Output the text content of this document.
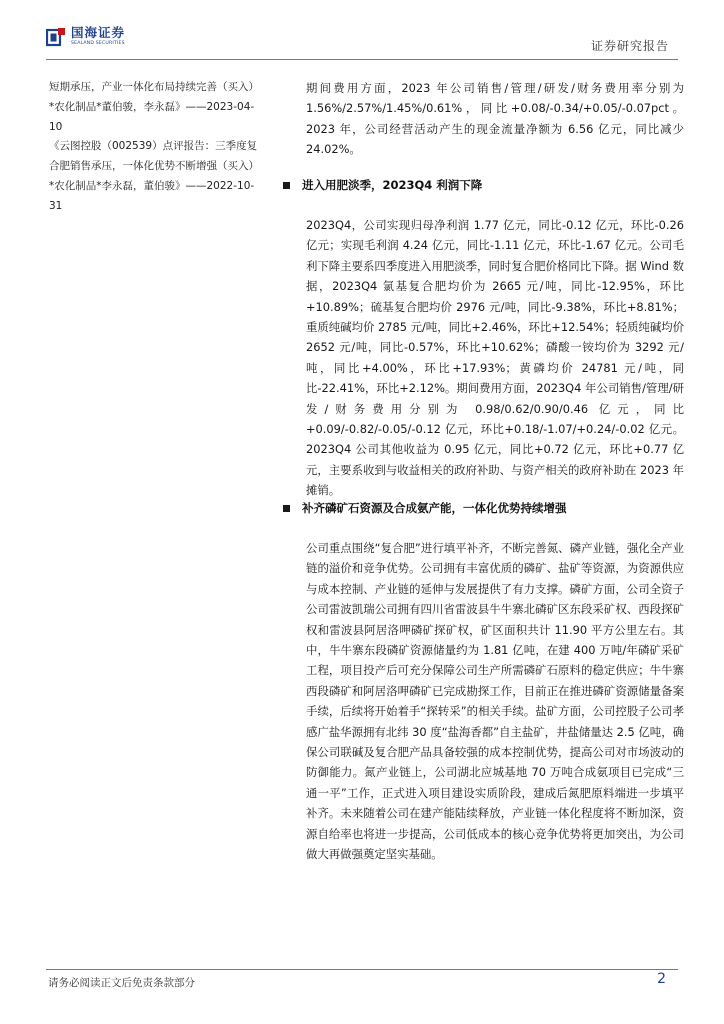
国海证券
SEALAND SECURITIES	证券研究报告

短期承压，产业一体化布局持续完善（买入）*农化制品*董伯骏，李永磊》——2023-04-10

《云图控股（002539）点评报告：三季度复合肥销售承压，一体化优势不断增强（买入）*农化制品*李永磊，董伯骏》——2022-10-31

期间费用方面，2023 年公司销售/管理/研发/财务费用率分别为 1.56%/2.57%/1.45%/0.61%，同比+0.08/-0.34/+0.05/-0.07pct。2023 年，公司经营活动产生的现金流量净额为 6.56 亿元，同比减少 24.02%。

进入用肥淡季，2023Q4 利润下降

2023Q4，公司实现归母净利润 1.77 亿元，同比-0.12 亿元，环比-0.26 亿元；实现毛利润 4.24 亿元，同比-1.11 亿元，环比-1.67 亿元。公司毛利下降主要系四季度进入用肥淡季，同时复合肥价格同比下降。据 Wind 数据，2023Q4 氯基复合肥均价为 2665 元/吨，同比-12.95%，环比+10.89%；硫基复合肥均价 2976 元/吨，同比-9.38%，环比+8.81%；重质纯碱均价 2785 元/吨，同比+2.46%，环比+12.54%；轻质纯碱均价 2652 元/吨，同比-0.57%，环比+10.62%；磷酸一铵均价为 3292 元/吨，同比+4.00%，环比+17.93%；黄磷均价 24781 元/吨，同比-22.41%，环比+2.12%。期间费用方面，2023Q4 年公司销售/管理/研发/财务费用分别为 0.98/0.62/0.90/0.46 亿元，同比+0.09/-0.82/-0.05/-0.12 亿元，环比+0.18/-1.07/+0.24/-0.02 亿元。2023Q4 公司其他收益为 0.95 亿元，同比+0.72 亿元，环比+0.77 亿元，主要系收到与收益相关的政府补助、与资产相关的政府补助在 2023 年摊销。

补齐磷矿石资源及合成氨产能，一体化优势持续增强

公司重点围绕“复合肥”进行填平补齐，不断完善氮、磷产业链，强化全产业链的溢价和竞争优势。公司拥有丰富优质的磷矿、盐矿等资源，为资源供应与成本控制、产业链的延伸与发展提供了有力支撑。磷矿方面，公司全资子公司雷波凯瑞公司拥有四川省雷波县牛牛寨北磷矿区东段采矿权、西段探矿权和雷波县阿居洛呷磷矿探矿权，矿区面积共计 11.90 平方公里左右。其中，牛牛寨东段磷矿资源储量约为 1.81 亿吨，在建 400 万吨/年磷矿采矿工程，项目投产后可充分保障公司生产所需磷矿石原料的稳定供应；牛牛寨西段磷矿和阿居洛呷磷矿已完成勘探工作，目前正在推进磷矿资源储量备案手续，后续将开始着手“探转采”的相关手续。盐矿方面，公司控股子公司孝感广盐华源拥有北纬 30 度“盐海香都”自主盐矿，井盐储量达 2.5 亿吨，确保公司联碱及复合肥产品具备较强的成本控制优势，提高公司对市场波动的防御能力。氮产业链上，公司湖北应城基地 70 万吨合成氨项目已完成“三通一平”工作，正式进入项目建设实质阶段，建成后氮肥原料端进一步填平补齐。未来随着公司在建产能陆续释放，产业链一体化程度将不断加深，资源自给率也将进一步提高，公司低成本的核心竞争优势将更加突出，为公司做大再做强奠定坚实基础。

请务必阅读正文后免责条款部分	2
